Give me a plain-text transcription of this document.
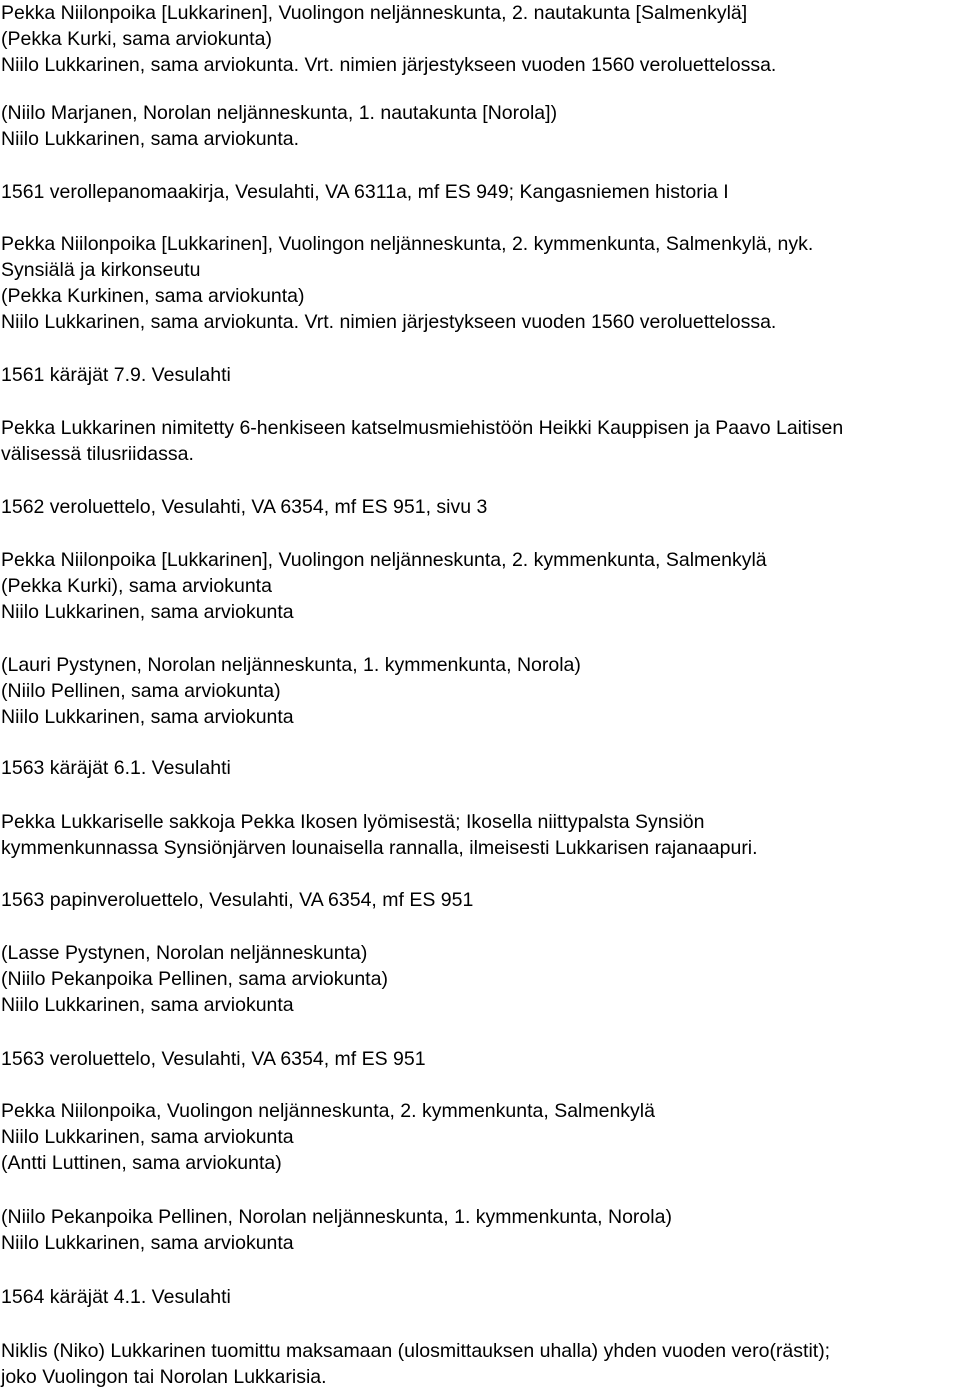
Pekka Niilonpoika [Lukkarinen], Vuolingon neljänneskunta, 2. nautakunta [Salmenkylä]
(Pekka Kurki, sama arviokunta)
Niilo Lukkarinen, sama arviokunta. Vrt. nimien järjestykseen vuoden 1560 veroluettelossa.
(Niilo Marjanen, Norolan neljänneskunta, 1. nautakunta [Norola])
Niilo Lukkarinen, sama arviokunta.
1561 verollepanomaakirja, Vesulahti, VA 6311a, mf ES 949; Kangasniemen historia I
Pekka Niilonpoika [Lukkarinen], Vuolingon neljänneskunta, 2. kymmenkunta, Salmenkylä, nyk.
Synsiälä ja kirkonseutu
(Pekka Kurkinen, sama arviokunta)
Niilo Lukkarinen, sama arviokunta. Vrt. nimien järjestykseen vuoden 1560 veroluettelossa.
1561 käräjät 7.9. Vesulahti
Pekka Lukkarinen nimitetty 6-henkiseen katselmusmiehistöön Heikki Kauppisen ja Paavo Laitisen
välisessä tilusriidassa.
1562 veroluettelo, Vesulahti, VA 6354, mf ES 951, sivu 3
Pekka Niilonpoika [Lukkarinen], Vuolingon neljänneskunta, 2. kymmenkunta, Salmenkylä
(Pekka Kurki), sama arviokunta
Niilo Lukkarinen, sama arviokunta
(Lauri Pystynen, Norolan neljänneskunta, 1. kymmenkunta, Norola)
(Niilo Pellinen, sama arviokunta)
Niilo Lukkarinen, sama arviokunta
1563 käräjät 6.1. Vesulahti
Pekka Lukkariselle sakkoja Pekka Ikosen lyömisestä; Ikosella niittypalsta Synsiön
kymmenkunnassa Synsiönjärven lounaisella rannalla, ilmeisesti Lukkarisen rajanaapuri.
1563 papinveroluettelo, Vesulahti, VA 6354, mf ES 951
(Lasse Pystynen, Norolan neljänneskunta)
(Niilo Pekanpoika Pellinen, sama arviokunta)
Niilo Lukkarinen, sama arviokunta
1563 veroluettelo, Vesulahti, VA 6354, mf ES 951
Pekka Niilonpoika, Vuolingon neljänneskunta, 2. kymmenkunta, Salmenkylä
Niilo Lukkarinen, sama arviokunta
(Antti Luttinen, sama arviokunta)
(Niilo Pekanpoika Pellinen, Norolan neljänneskunta, 1. kymmenkunta, Norola)
Niilo Lukkarinen, sama arviokunta
1564 käräjät 4.1. Vesulahti
Niklis (Niko) Lukkarinen tuomittu maksamaan (ulosmittauksen uhalla) yhden vuoden vero(rästit);
joko Vuolingon tai Norolan Lukkarisia.
